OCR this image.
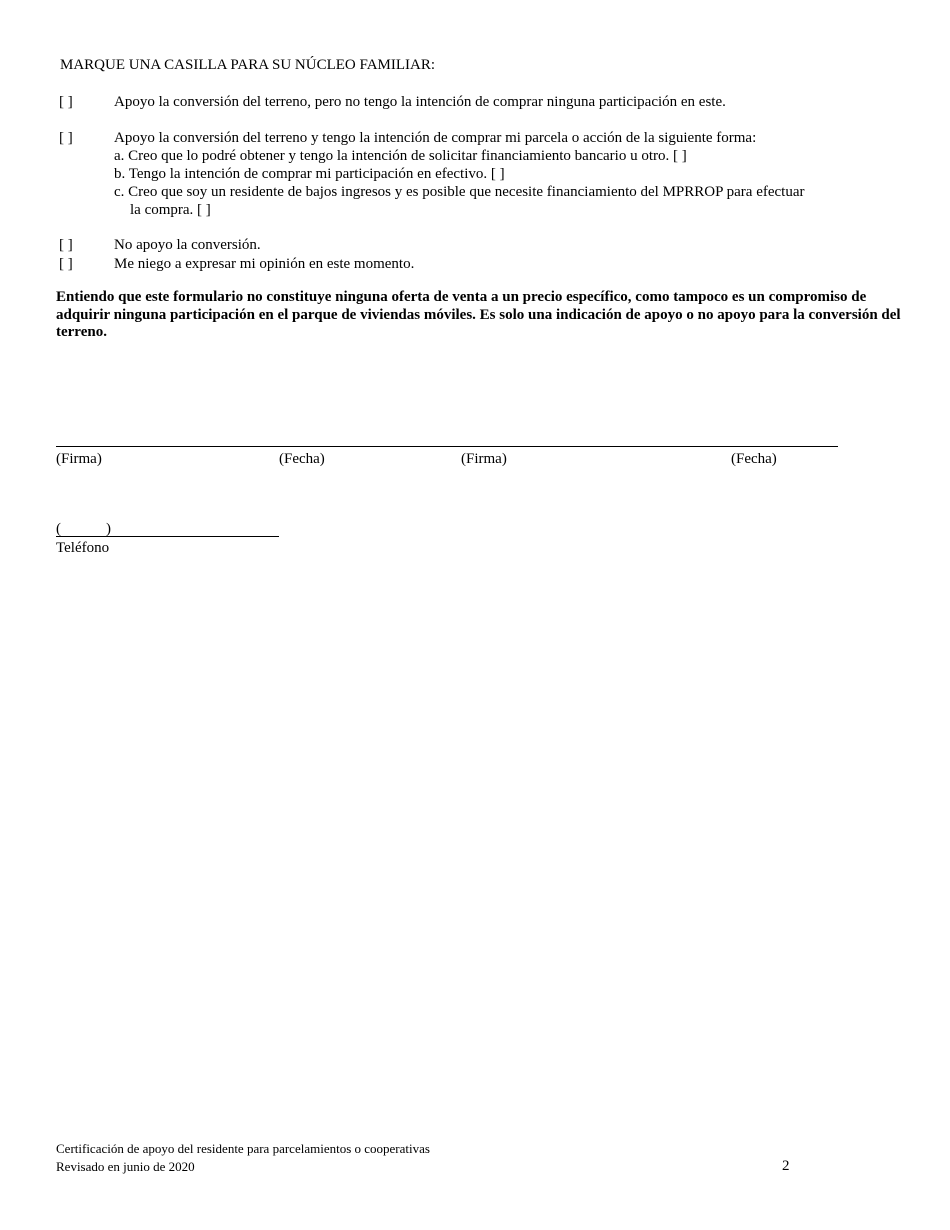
MARQUE UNA CASILLA PARA SU NÚCLEO FAMILIAR:
[ ]	Apoyo la conversión del terreno, pero no tengo la intención de comprar ninguna participación en este.
[ ]	Apoyo la conversión del terreno y tengo la intención de comprar mi parcela o acción de la siguiente forma:
a. Creo que lo podré obtener y tengo la intención de solicitar financiamiento bancario u otro. [ ]
b. Tengo la intención de comprar mi participación en efectivo. [ ]
c. Creo que soy un residente de bajos ingresos y es posible que necesite financiamiento del MPRROP para efectuar
la compra. [ ]
[ ]	No apoyo la conversión.
[ ]	Me niego a expresar mi opinión en este momento.
Entiendo que este formulario no constituye ninguna oferta de venta a un precio específico, como tampoco es un compromiso de adquirir ninguna participación en el parque de viviendas móviles. Es solo una indicación de apoyo o no apoyo para la conversión del terreno.
(Firma)	(Fecha)	(Firma)	(Fecha)
(            )
Teléfono
Certificación de apoyo del residente para parcelamientos o cooperativas
Revisado en junio de 2020	2
